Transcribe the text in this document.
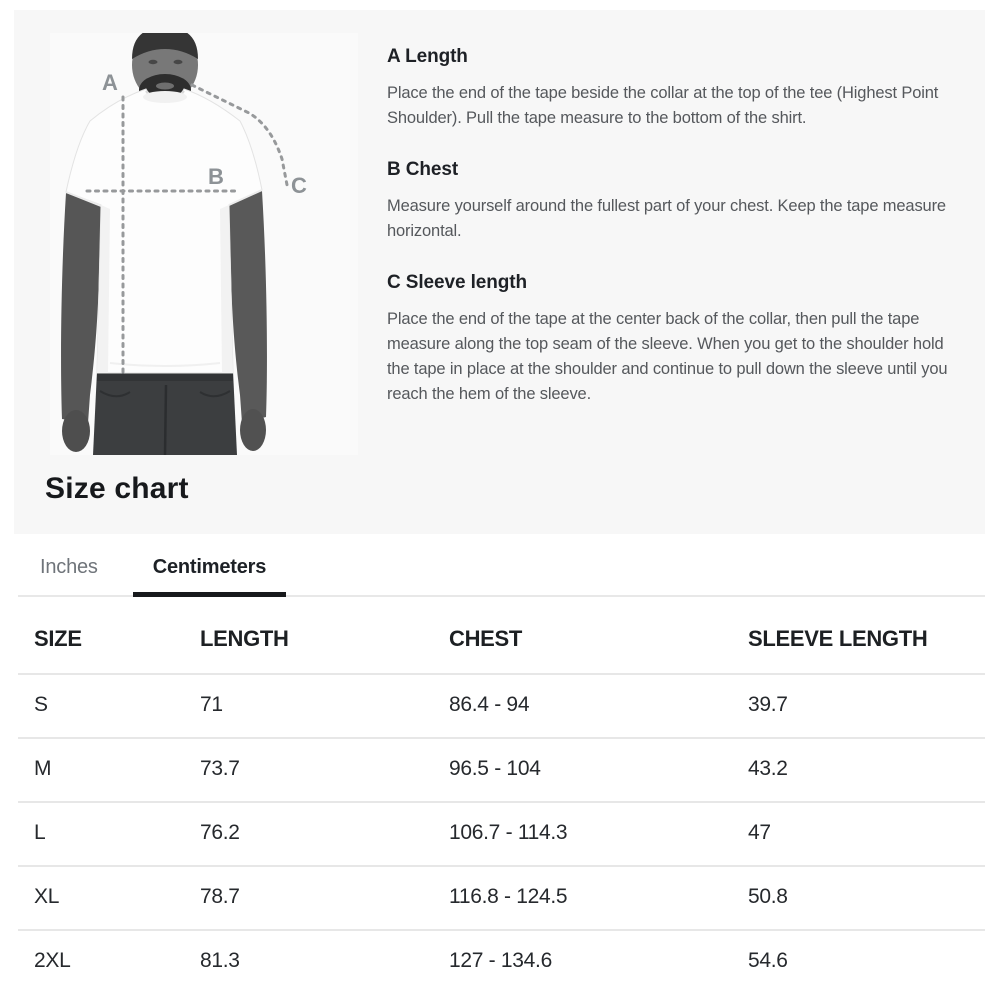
A
B	C
A Length

Place the end of the tape beside the collar at the top of the tee (Highest Point Shoulder). Pull the tape measure to the bottom of the shirt.

B Chest

Measure yourself around the fullest part of your chest. Keep the tape measure horizontal.

C Sleeve length

Place the end of the tape at the center back of the collar, then pull the tape measure along the top seam of the sleeve. When you get to the shoulder hold the tape in place at the shoulder and continue to pull down the sleeve until you reach the hem of the sleeve.

Size chart
Inches	Centimeters
SIZE	LENGTH	CHEST	SLEEVE LENGTH
S	71	86.4 - 94	39.7
M	73.7	96.5 - 104	43.2
L	76.2	106.7 - 114.3	47
XL	78.7	116.8 - 124.5	50.8
2XL	81.3	127 - 134.6	54.6
